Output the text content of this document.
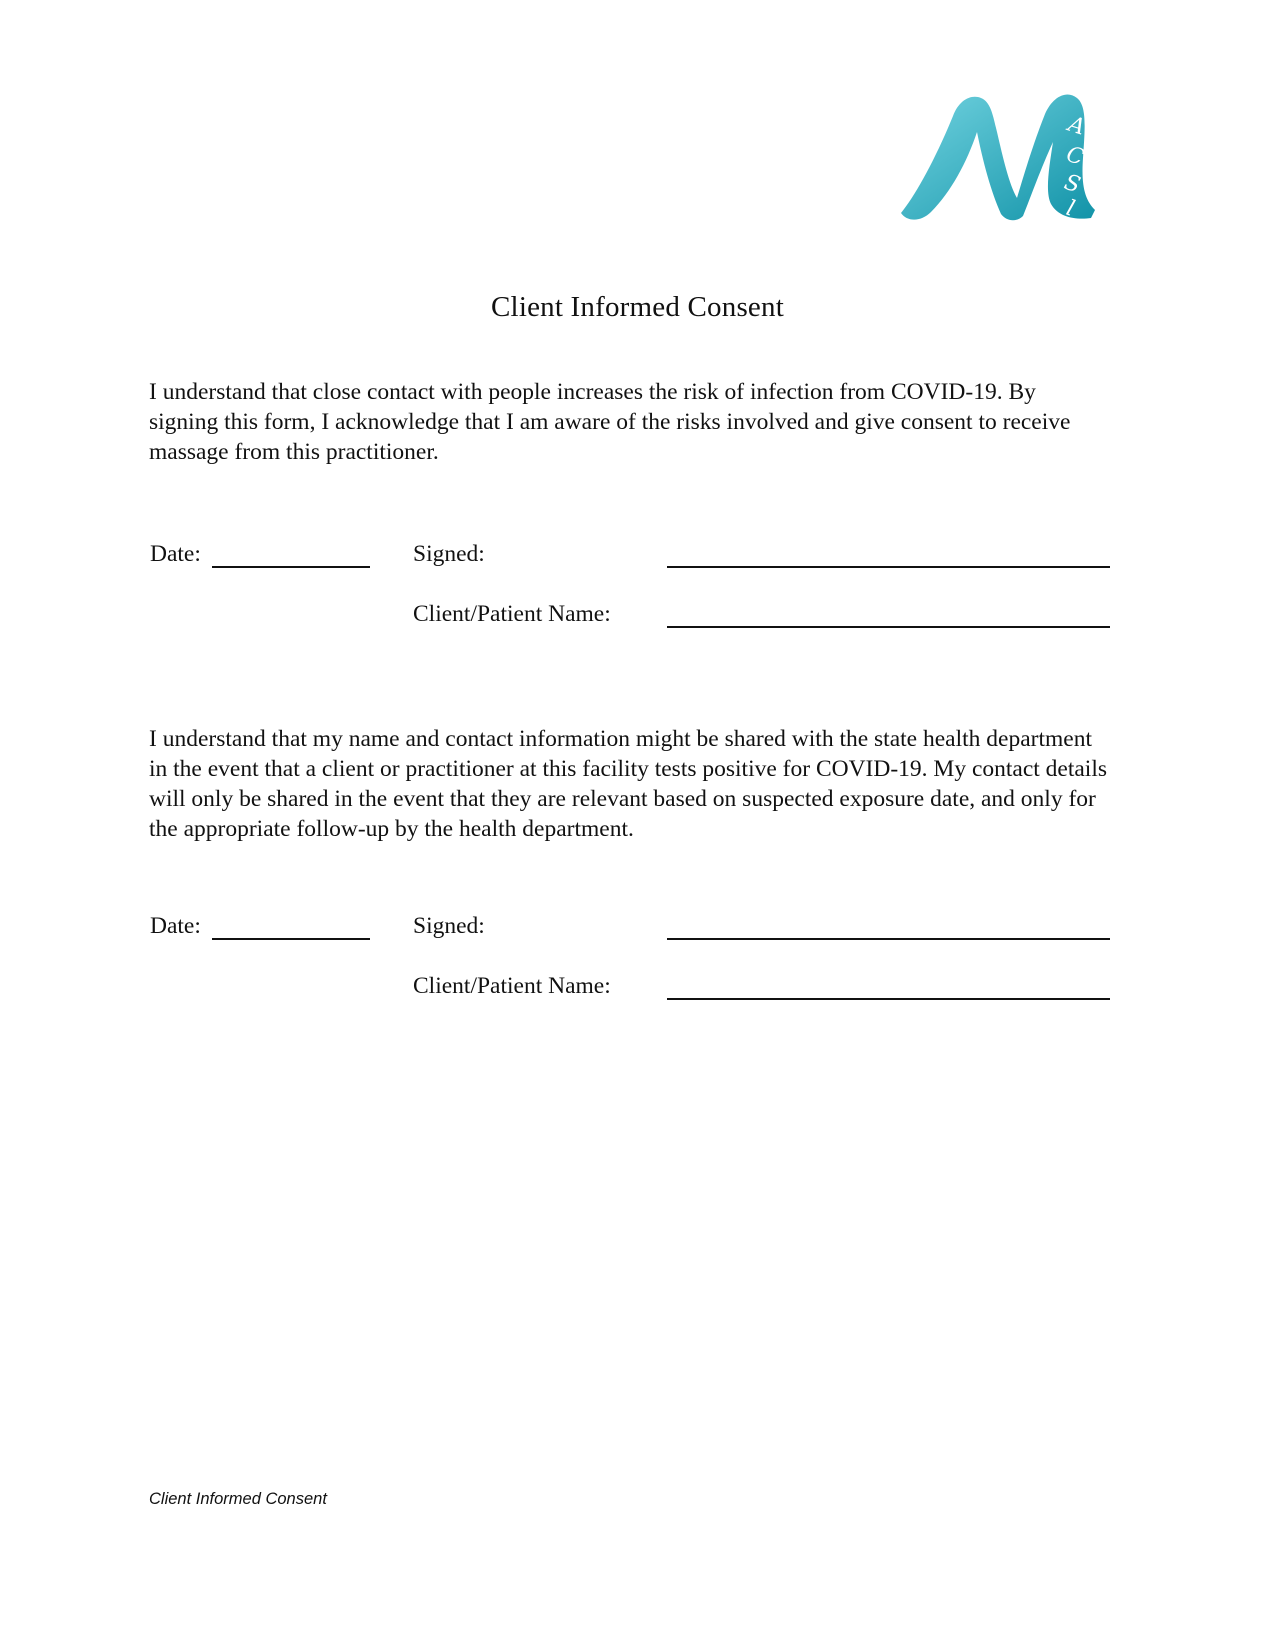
A
C
S
l
Client Informed Consent

I understand that close contact with people increases the risk of infection from COVID-19. By signing this form, I acknowledge that I am aware of the risks involved and give consent to receive massage from this practitioner.

Date:	Signed:
Client/Patient Name:

I understand that my name and contact information might be shared with the state health department in the event that a client or practitioner at this facility tests positive for COVID-19. My contact details will only be shared in the event that they are relevant based on suspected exposure date, and only for the appropriate follow-up by the health department.

Date:	Signed:
Client/Patient Name:
Client Informed Consent
